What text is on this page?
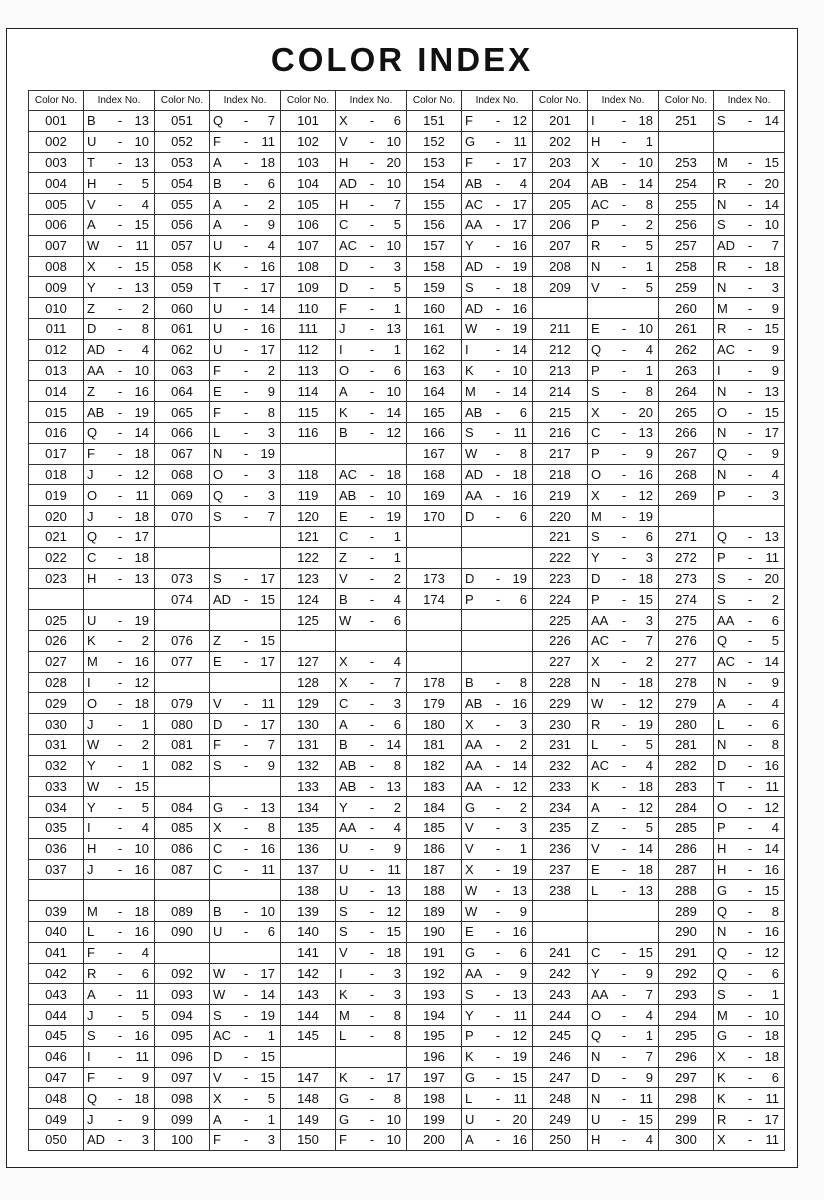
COLOR INDEX
Color No.	Index No.	Color No.	Index No.	Color No.	Index No.	Color No.	Index No.	Color No.	Index No.	Color No.	Index No.
001	B - 13	051	Q - 7	101	X - 6	151	F - 12	201	I - 18	251	S - 14

002	U - 10	052	F - 11	102	V - 10	152	G - 11	202	H - 1		

003	T - 13	053	A - 18	103	H - 20	153	F - 17	203	X - 10	253	M - 15

004	H - 5	054	B - 6	104	AD - 10	154	AB - 4	204	AB - 14	254	R - 20

005	V - 4	055	A - 2	105	H - 7	155	AC - 17	205	AC - 8	255	N - 14

006	A - 15	056	A - 9	106	C - 5	156	AA - 17	206	P - 2	256	S - 10

007	W - 11	057	U - 4	107	AC - 10	157	Y - 16	207	R - 5	257	AD - 7

008	X - 15	058	K - 16	108	D - 3	158	AD - 19	208	N - 1	258	R - 18

009	Y - 13	059	T - 17	109	D - 5	159	S - 18	209	V - 5	259	N - 3

010	Z - 2	060	U - 14	110	F - 1	160	AD - 16			260	M - 9

011	D - 8	061	U - 16	111	J - 13	161	W - 19	211	E - 10	261	R - 15

012	AD - 4	062	U - 17	112	I - 1	162	I - 14	212	Q - 4	262	AC - 9

013	AA - 10	063	F - 2	113	O - 6	163	K - 10	213	P - 1	263	I - 9

014	Z - 16	064	E - 9	114	A - 10	164	M - 14	214	S - 8	264	N - 13

015	AB - 19	065	F - 8	115	K - 14	165	AB - 6	215	X - 20	265	O - 15

016	Q - 14	066	L - 3	116	B - 12	166	S - 11	216	C - 13	266	N - 17

017	F - 18	067	N - 19			167	W - 8	217	P - 9	267	Q - 9

018	J - 12	068	O - 3	118	AC - 18	168	AD - 18	218	O - 16	268	N - 4

019	O - 11	069	Q - 3	119	AB - 10	169	AA - 16	219	X - 12	269	P - 3

020	J - 18	070	S - 7	120	E - 19	170	D - 6	220	M - 19		

021	Q - 17			121	C - 1			221	S - 6	271	Q - 13

022	C - 18			122	Z - 1			222	Y - 3	272	P - 11

023	H - 13	073	S - 17	123	V - 2	173	D - 19	223	D - 18	273	S - 20

		074	AD - 15	124	B - 4	174	P - 6	224	P - 15	274	S - 2

025	U - 19			125	W - 6			225	AA - 3	275	AA - 6

026	K - 2	076	Z - 15					226	AC - 7	276	Q - 5

027	M - 16	077	E - 17	127	X - 4			227	X - 2	277	AC - 14

028	I - 12			128	X - 7	178	B - 8	228	N - 18	278	N - 9

029	O - 18	079	V - 11	129	C - 3	179	AB - 16	229	W - 12	279	A - 4

030	J - 1	080	D - 17	130	A - 6	180	X - 3	230	R - 19	280	L - 6

031	W - 2	081	F - 7	131	B - 14	181	AA - 2	231	L - 5	281	N - 8

032	Y - 1	082	S - 9	132	AB - 8	182	AA - 14	232	AC - 4	282	D - 16

033	W - 15			133	AB - 13	183	AA - 12	233	K - 18	283	T - 11

034	Y - 5	084	G - 13	134	Y - 2	184	G - 2	234	A - 12	284	O - 12

035	I - 4	085	X - 8	135	AA - 4	185	V - 3	235	Z - 5	285	P - 4

036	H - 10	086	C - 16	136	U - 9	186	V - 1	236	V - 14	286	H - 14

037	J - 16	087	C - 11	137	U - 11	187	X - 19	237	E - 18	287	H - 16

				138	U - 13	188	W - 13	238	L - 13	288	G - 15

039	M - 18	089	B - 10	139	S - 12	189	W - 9			289	Q - 8

040	L - 16	090	U - 6	140	S - 15	190	E - 16			290	N - 16

041	F - 4			141	V - 18	191	G - 6	241	C - 15	291	Q - 12

042	R - 6	092	W - 17	142	I - 3	192	AA - 9	242	Y - 9	292	Q - 6

043	A - 11	093	W - 14	143	K - 3	193	S - 13	243	AA - 7	293	S - 1

044	J - 5	094	S - 19	144	M - 8	194	Y - 11	244	O - 4	294	M - 10

045	S - 16	095	AC - 1	145	L - 8	195	P - 12	245	Q - 1	295	G - 18

046	I - 11	096	D - 15			196	K - 19	246	N - 7	296	X - 18

047	F - 9	097	V - 15	147	K - 17	197	G - 15	247	D - 9	297	K - 6

048	Q - 18	098	X - 5	148	G - 8	198	L - 11	248	N - 11	298	K - 11

049	J - 9	099	A - 1	149	G - 10	199	U - 20	249	U - 15	299	R - 17

050	AD - 3	100	F - 3	150	F - 10	200	A - 16	250	H - 4	300	X - 11
